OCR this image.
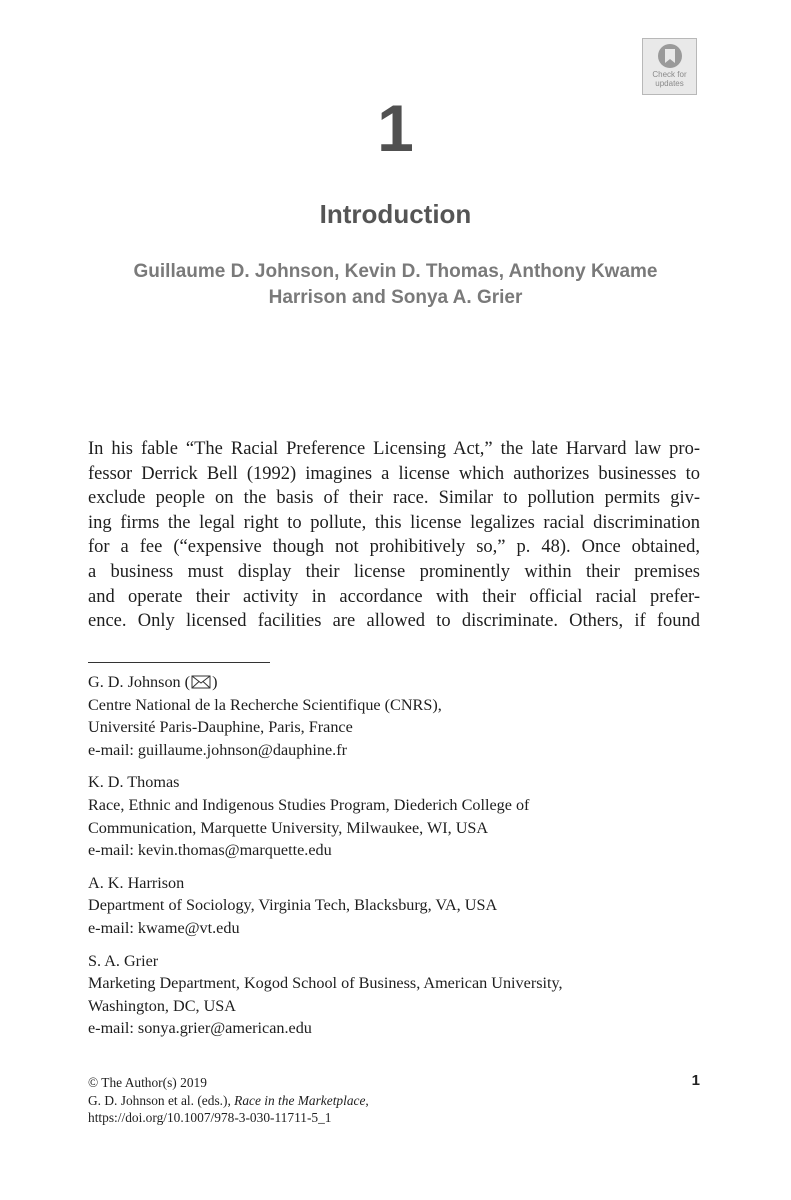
Check for
updates
1
Introduction
Guillaume D. Johnson, Kevin D. Thomas, Anthony Kwame
Harrison and Sonya A. Grier
In his fable “The Racial Preference Licensing Act,” the late Harvard law pro-
fessor Derrick Bell (1992) imagines a license which authorizes businesses to
exclude people on the basis of their race. Similar to pollution permits giv-
ing firms the legal right to pollute, this license legalizes racial discrimination
for a fee (“expensive though not prohibitively so,” p. 48). Once obtained,
a business must display their license prominently within their premises
and operate their activity in accordance with their official racial prefer-
ence. Only licensed facilities are allowed to discriminate. Others, if found
G. D. Johnson ( )
Centre National de la Recherche Scientifique (CNRS),
Université Paris-Dauphine, Paris, France
e-mail: guillaume.johnson@dauphine.fr
K. D. Thomas
Race, Ethnic and Indigenous Studies Program, Diederich College of
Communication, Marquette University, Milwaukee, WI, USA
e-mail: kevin.thomas@marquette.edu
A. K. Harrison
Department of Sociology, Virginia Tech, Blacksburg, VA, USA
e-mail: kwame@vt.edu
S. A. Grier
Marketing Department, Kogod School of Business, American University,
Washington, DC, USA
e-mail: sonya.grier@american.edu
© The Author(s) 2019
G. D. Johnson et al. (eds.), Race in the Marketplace,
https://doi.org/10.1007/978-3-030-11711-5_1
1
